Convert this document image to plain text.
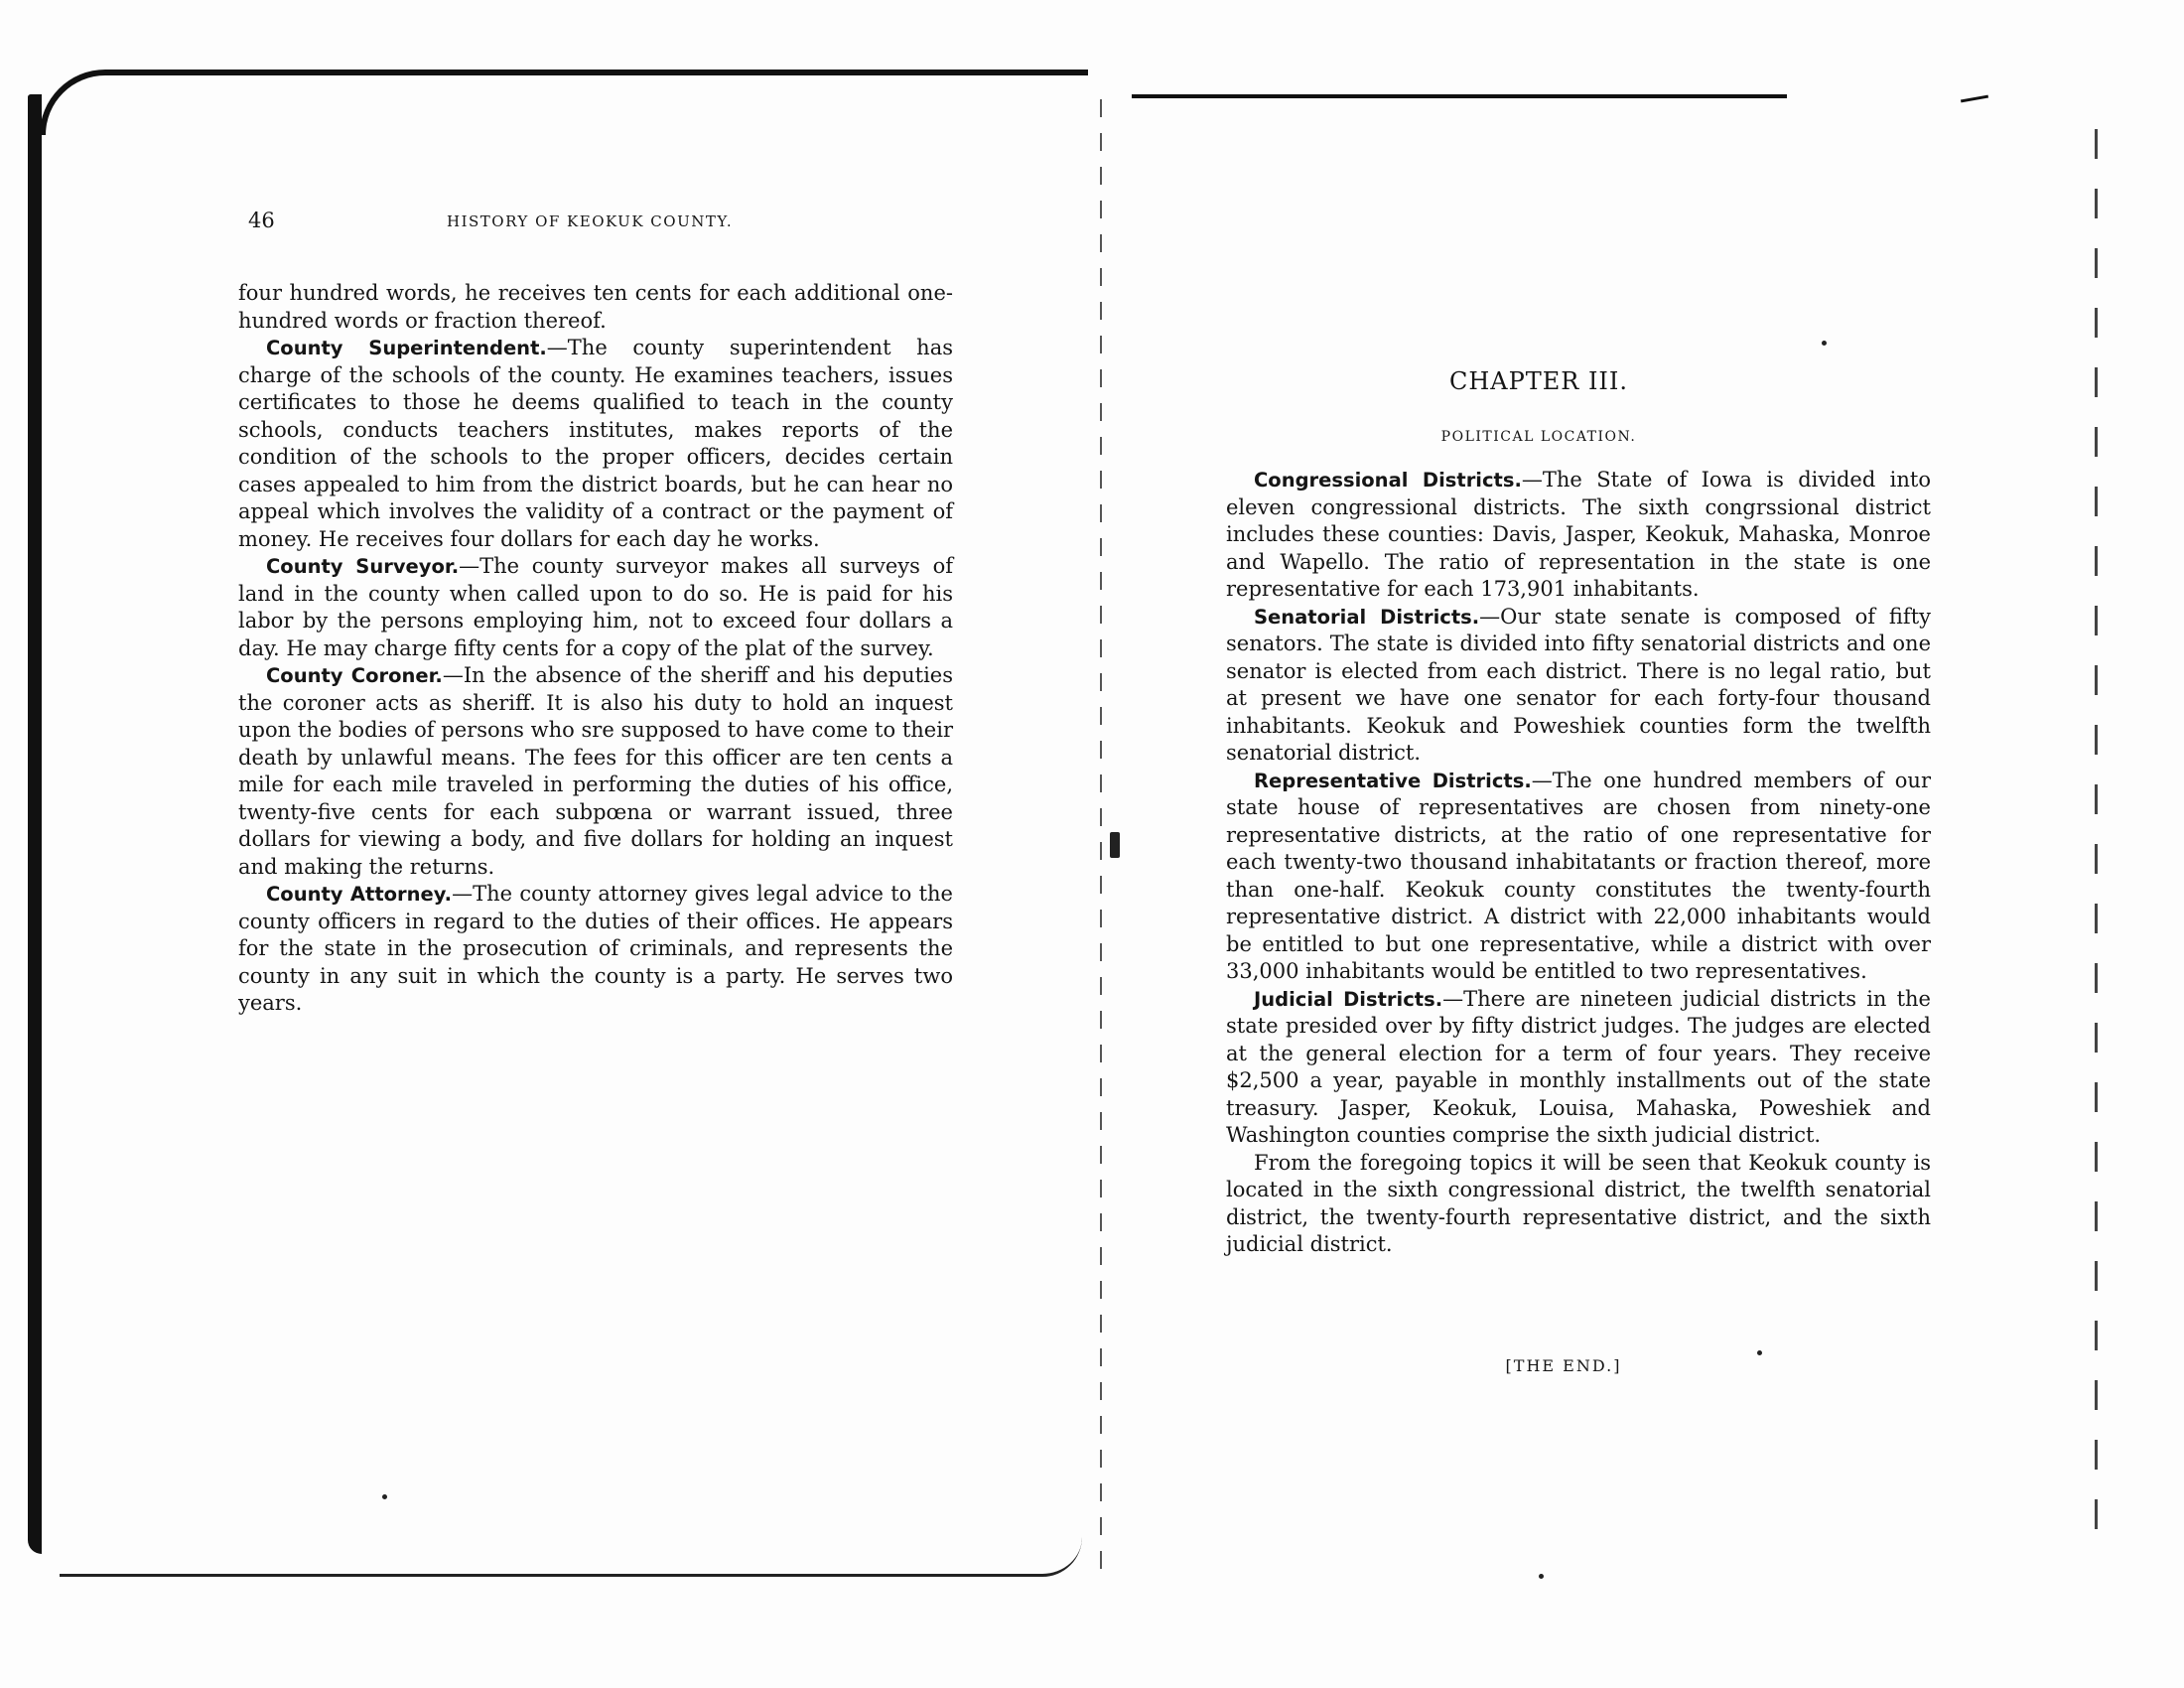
46	HISTORY OF KEOKUK COUNTY.

four hundred words, he receives ten cents for each additional one-hundred words or fraction thereof.

County Superintendent.—The county superintendent has charge of the schools of the county. He examines teachers, issues certificates to those he deems qualified to teach in the county schools, conducts teachers institutes, makes reports of the condition of the schools to the proper officers, decides certain cases appealed to him from the district boards, but he can hear no appeal which involves the validity of a contract or the payment of money. He receives four dollars for each day he works.

County Surveyor.—The county surveyor makes all surveys of land in the county when called upon to do so. He is paid for his labor by the persons employing him, not to exceed four dollars a day. He may charge fifty cents for a copy of the plat of the survey.

County Coroner.—In the absence of the sheriff and his deputies the coroner acts as sheriff. It is also his duty to hold an inquest upon the bodies of persons who sre supposed to have come to their death by unlawful means. The fees for this officer are ten cents a mile for each mile traveled in performing the duties of his office, twenty-five cents for each subpœna or warrant issued, three dollars for viewing a body, and five dollars for holding an inquest and making the returns.

County Attorney.—The county attorney gives legal advice to the county officers in regard to the duties of their offices. He appears for the state in the prosecution of criminals, and represents the county in any suit in which the county is a party. He serves two years.

CHAPTER III.
POLITICAL LOCATION.

Congressional Districts.—The State of Iowa is divided into eleven congressional districts. The sixth congrssional district includes these counties: Davis, Jasper, Keokuk, Mahaska, Monroe and Wapello. The ratio of representation in the state is one representative for each 173,901 inhabitants.

Senatorial Districts.—Our state senate is composed of fifty senators. The state is divided into fifty senatorial districts and one senator is elected from each district. There is no legal ratio, but at present we have one senator for each forty-four thousand inhabitants. Keokuk and Poweshiek counties form the twelfth senatorial district.

Representative Districts.—The one hundred members of our state house of representatives are chosen from ninety-one representative districts, at the ratio of one representative for each twenty-two thousand inhabitatants or fraction thereof, more than one-half. Keokuk county constitutes the twenty-fourth representative district. A district with 22,000 inhabitants would be entitled to but one representative, while a district with over 33,000 inhabitants would be entitled to two representatives.

Judicial Districts.—There are nineteen judicial districts in the state presided over by fifty district judges. The judges are elected at the general election for a term of four years. They receive $2,500 a year, payable in monthly installments out of the state treasury. Jasper, Keokuk, Louisa, Mahaska, Poweshiek and Washington counties comprise the sixth judicial district.

From the foregoing topics it will be seen that Keokuk county is located in the sixth congressional district, the twelfth senatorial district, the twenty-fourth representative district, and the sixth judicial district.

[THE END.]
